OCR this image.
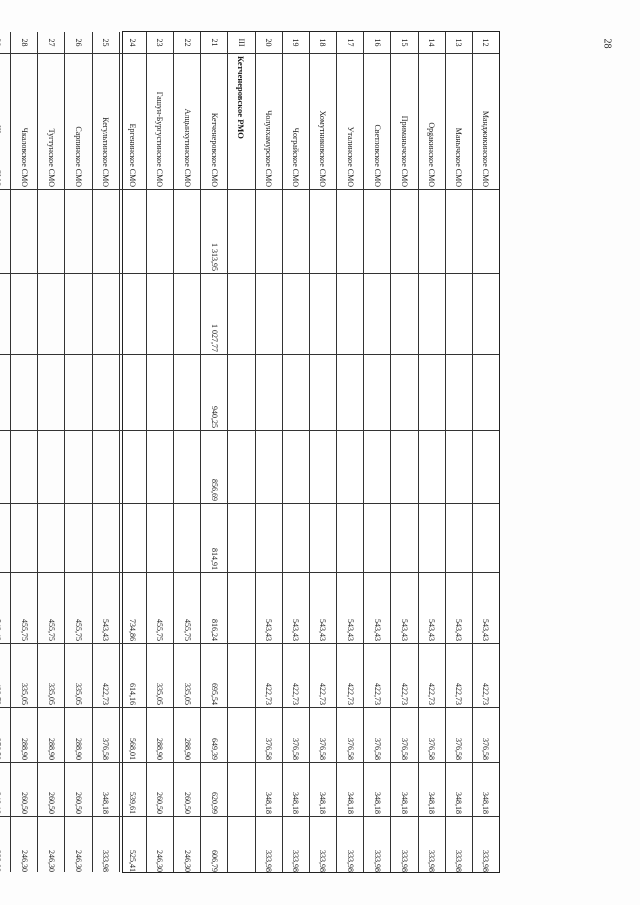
28
12
Манджикинское СМО
543,43
422,73
376,58
348,18
333,98
13
Манычское СМО
543,43
422,73
376,58
348,18
333,98
14
Орgaкинское СМО
543,43
422,73
376,58
348,18
333,98
15
Приманычское СМО
543,43
422,73
376,58
348,18
333,98
16
Светловское СМО
543,43
422,73
376,58
348,18
333,98
17
Уталинское СМО
543,43
422,73
376,58
348,18
333,98
18
Хомутниковское СМО
543,43
422,73
376,58
348,18
333,98
19
Чограйское СМО
543,43
422,73
376,58
348,18
333,98
20
Чолунхамурское СМО
543,43
422,73
376,58
348,18
333,98
III
Кетченеровское РМО
21
Кетченеровское СМО
1 313,95
1 027,77
940,25
856,69
814,91
816,24
695,54
649,39
620,99
606,79
22
Алцынхутинское СМО
455,75
335,05
288,90
260,50
246,30
23
Гашун-Бургустинское СМО
455,75
335,05
288,90
260,50
246,30
24
Ергенинское СМО
734,86
614,16
568,01
539,61
525,41
25
Кегультинское СМО
543,43
422,73
376,58
348,18
333,98
26
Сарпинское СМО
455,75
335,05
288,90
260,50
246,30
27
Тугтунское СМО
455,75
335,05
288,90
260,50
246,30
28
Чкаловское СМО
455,75
335,05
288,90
260,50
246,30
